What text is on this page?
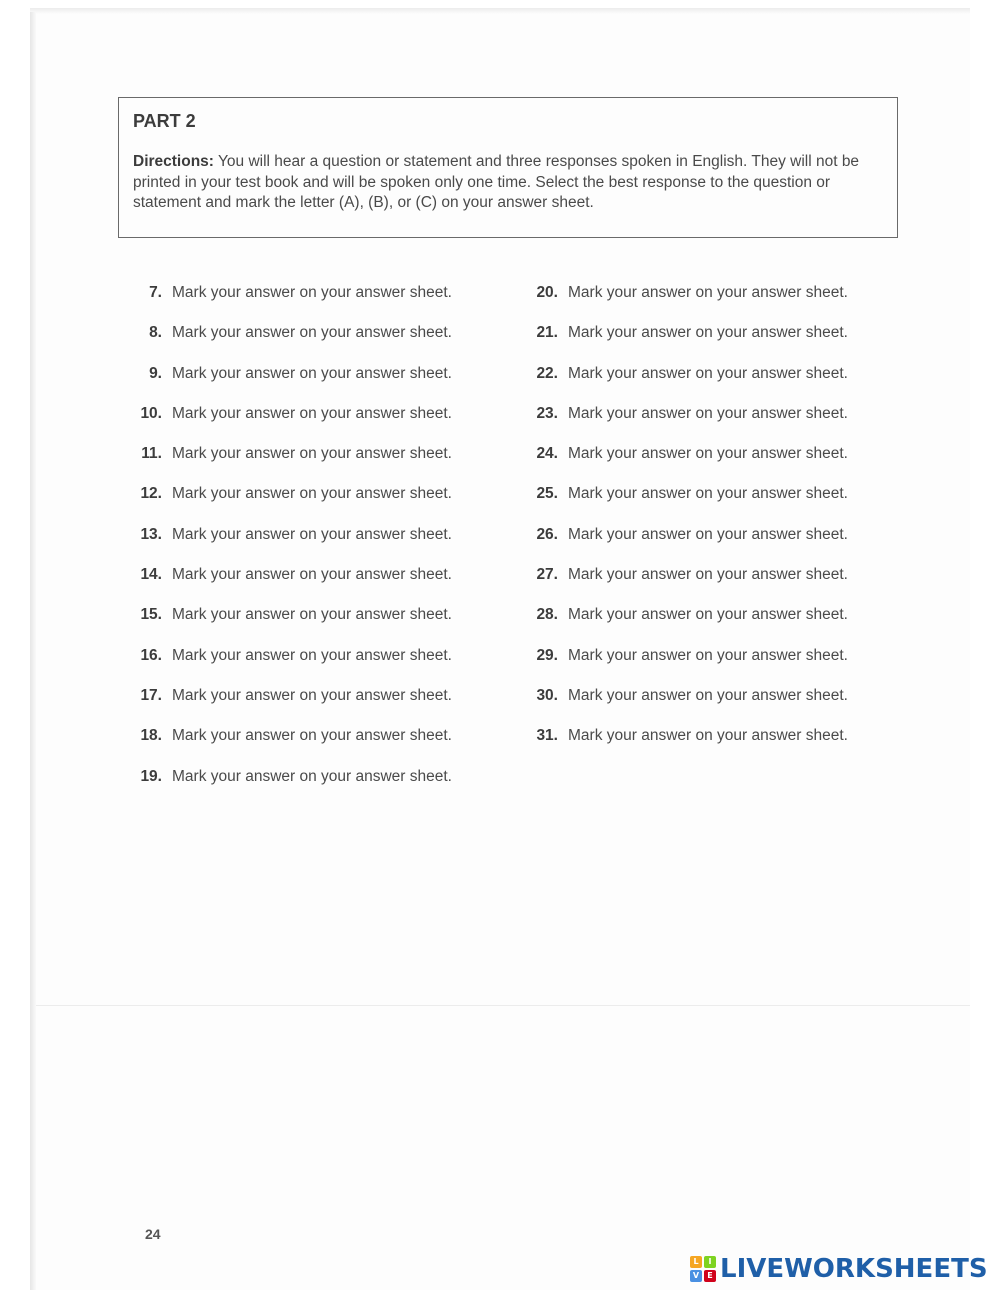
PART 2

Directions: You will hear a question or statement and three responses spoken in English. They will not be printed in your test book and will be spoken only one time. Select the best response to the question or statement and mark the letter (A), (B), or (C) on your answer sheet.

7. Mark your answer on your answer sheet.
8. Mark your answer on your answer sheet.
9. Mark your answer on your answer sheet.
10. Mark your answer on your answer sheet.
11. Mark your answer on your answer sheet.
12. Mark your answer on your answer sheet.
13. Mark your answer on your answer sheet.
14. Mark your answer on your answer sheet.
15. Mark your answer on your answer sheet.
16. Mark your answer on your answer sheet.
17. Mark your answer on your answer sheet.
18. Mark your answer on your answer sheet.
19. Mark your answer on your answer sheet.
20. Mark your answer on your answer sheet.
21. Mark your answer on your answer sheet.
22. Mark your answer on your answer sheet.
23. Mark your answer on your answer sheet.
24. Mark your answer on your answer sheet.
25. Mark your answer on your answer sheet.
26. Mark your answer on your answer sheet.
27. Mark your answer on your answer sheet.
28. Mark your answer on your answer sheet.
29. Mark your answer on your answer sheet.
30. Mark your answer on your answer sheet.
31. Mark your answer on your answer sheet.
24
L	I
V	E LIVEWORKSHEETS
